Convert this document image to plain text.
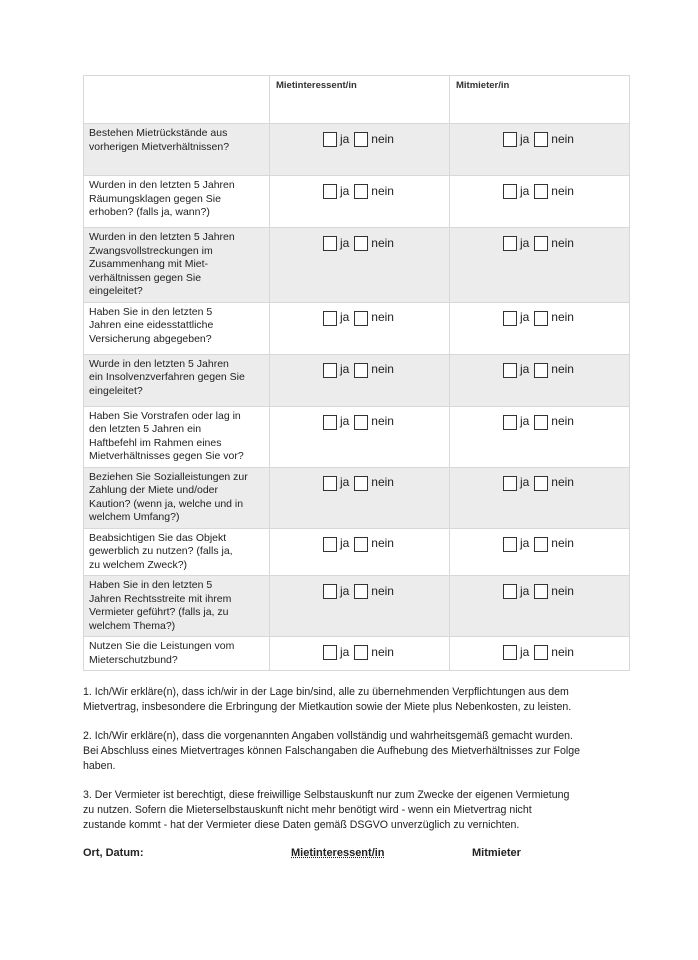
	Mietinteressent/in	Mitmieter/in
Bestehen Mietrückstände aus
vorherigen Mietverhältnissen?	ja nein	ja nein
Wurden in den letzten 5 Jahren
Räumungsklagen gegen Sie
erhoben? (falls ja, wann?)	ja nein	ja nein
Wurden in den letzten 5 Jahren
Zwangsvollstreckungen im
Zusammenhang mit Miet-
verhältnissen gegen Sie
eingeleitet?	ja nein	ja nein
Haben Sie in den letzten 5
Jahren eine eidesstattliche
Versicherung abgegeben?	ja nein	ja nein
Wurde in den letzten 5 Jahren
ein Insolvenzverfahren gegen Sie
eingeleitet?	ja nein	ja nein
Haben Sie Vorstrafen oder lag in
den letzten 5 Jahren ein
Haftbefehl im Rahmen eines
Mietverhältnisses gegen Sie vor?	ja nein	ja nein
Beziehen Sie Sozialleistungen zur
Zahlung der Miete und/oder
Kaution? (wenn ja, welche und in
welchem Umfang?)	ja nein	ja nein
Beabsichtigen Sie das Objekt
gewerblich zu nutzen? (falls ja,
zu welchem Zweck?)	ja nein	ja nein
Haben Sie in den letzten 5
Jahren Rechtsstreite mit ihrem
Vermieter geführt? (falls ja, zu
welchem Thema?)	ja nein	ja nein
Nutzen Sie die Leistungen vom
Mieterschutzbund?	ja nein	ja nein
1. Ich/Wir erkläre(n), dass ich/wir in der Lage bin/sind, alle zu übernehmenden Verpflichtungen aus dem
Mietvertrag, insbesondere die Erbringung der Mietkaution sowie der Miete plus Nebenkosten, zu leisten.
2. Ich/Wir erkläre(n), dass die vorgenannten Angaben vollständig und wahrheitsgemäß gemacht wurden.
Bei Abschluss eines Mietvertrages können Falschangaben die Aufhebung des Mietverhältnisses zur Folge
haben.
3. Der Vermieter ist berechtigt, diese freiwillige Selbstauskunft nur zum Zwecke der eigenen Vermietung
zu nutzen. Sofern die Mieterselbstauskunft nicht mehr benötigt wird - wenn ein Mietvertrag nicht
zustande kommt - hat der Vermieter diese Daten gemäß DSGVO unverzüglich zu vernichten.
Ort, Datum:	Mietinteressent/in	Mitmieter
